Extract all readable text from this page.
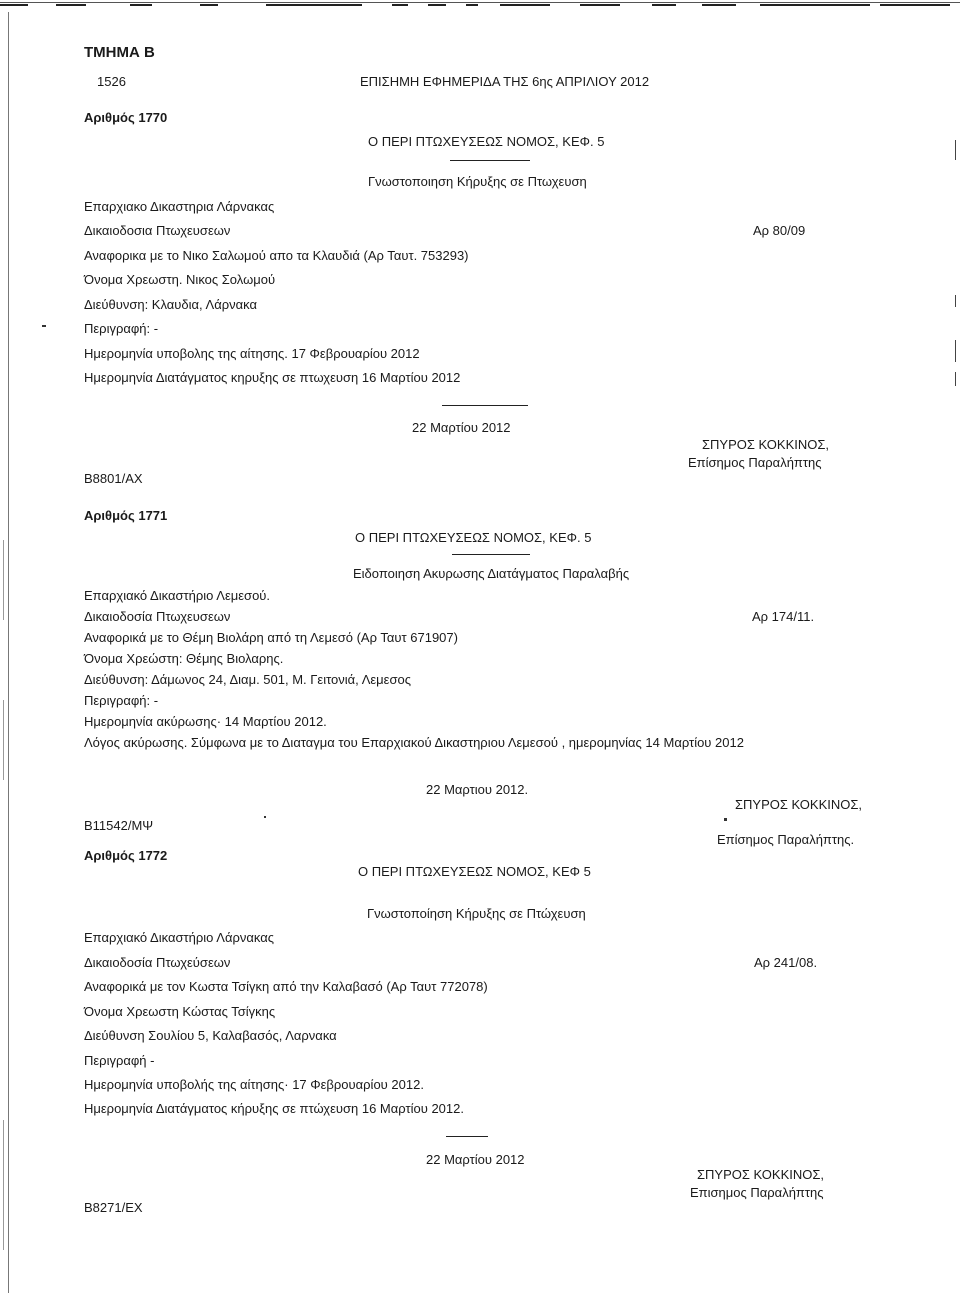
ΤΜΗΜΑ Β
1526	ΕΠΙΣΗΜΗ ΕΦΗΜΕΡΙΔΑ ΤΗΣ 6ης ΑΠΡΙΛΙΟΥ 2012
Αριθμός 1770
Ο ΠΕΡΙ ΠΤΩΧΕΥΣΕΩΣ ΝΟΜΟΣ, ΚΕΦ. 5
Γνωστοποιηση Κήρυξης σε Πτωχευση
Επαρχιακο Δικαστηρια Λάρνακας
Δικαιοδοσια Πτωχευσεων	Αρ 80/09
Αναφορικα με το Νικο Σαλωμού απο τα Κλαυδιά (Αρ Ταυτ. 753293)
Όνομα Χρεωστη. Νικος Σολωμού
Διεύθυνση: Κλαυδια, Λάρνακα
Περιγραφή: -
Ημερομηνία υποβολης της αίτησης. 17 Φεβρουαρίου 2012
Ημερομηνία Διατάγματος κηρυξης σε πτωχευση 16 Μαρτίου 2012
22 Μαρτίου 2012
ΣΠΥΡΟΣ ΚΟΚΚΙΝΟΣ,
Επίσημος Παραλήπτης
Β8801/ΑΧ
Αριθμός 1771
Ο ΠΕΡΙ ΠΤΩΧΕΥΣΕΩΣ ΝΟΜΟΣ, ΚΕΦ. 5
Ειδοποιηση Ακυρωσης Διατάγματος Παραλαβής
Επαρχιακό Δικαστήριο Λεμεσού.
Δικαιοδοσία Πτωχευσεων	Αρ 174/11.
Αναφορικά με το Θέμη Βιολάρη από τη Λεμεσό (Αρ Ταυτ 671907)
Όνομα Χρεώστη: Θέμης Βιολαρης.
Διεύθυνση: Δάμωνος 24, Διαμ. 501, Μ. Γειτονιά, Λεμεσος
Περιγραφή: -
Ημερομηνία ακύρωσης· 14 Μαρτίου 2012.
Λόγος ακύρωσης. Σύμφωνα με το Διαταγμα του Επαρχιακού Δικαστηριου Λεμεσού , ημερομηνίας 14 Μαρτίου 2012
22 Μαρτιου 2012.
ΣΠΥΡΟΣ ΚΟΚΚΙΝΟΣ,
Β11542/ΜΨ
Επίσημος Παραλήπτης.
Αριθμός 1772
Ο ΠΕΡΙ ΠΤΩΧΕΥΣΕΩΣ ΝΟΜΟΣ, ΚΕΦ 5
Γνωστοποίηση Κήρυξης σε Πτώχευση
Επαρχιακό Δικαστήριο Λάρνακας
Δικαιοδοσία Πτωχεύσεων	Αρ 241/08.
Αναφορικά με τον Κωστα Τσίγκη από την Καλαβασό (Αρ Ταυτ 772078)
Όνομα Χρεωστη Κώστας Τσίγκης
Διεύθυνση Σουλίου 5, Καλαβασός, Λαρνακα
Περιγραφή -
Ημερομηνία υποβολής της αίτησης· 17 Φεβρουαρίου 2012.
Ημερομηνία Διατάγματος κήρυξης σε πτώχευση 16 Μαρτίου 2012.
22 Μαρτίου 2012
ΣΠΥΡΟΣ ΚΟΚΚΙΝΟΣ,
Επισημος Παραλήπτης
Β8271/ΕΧ
